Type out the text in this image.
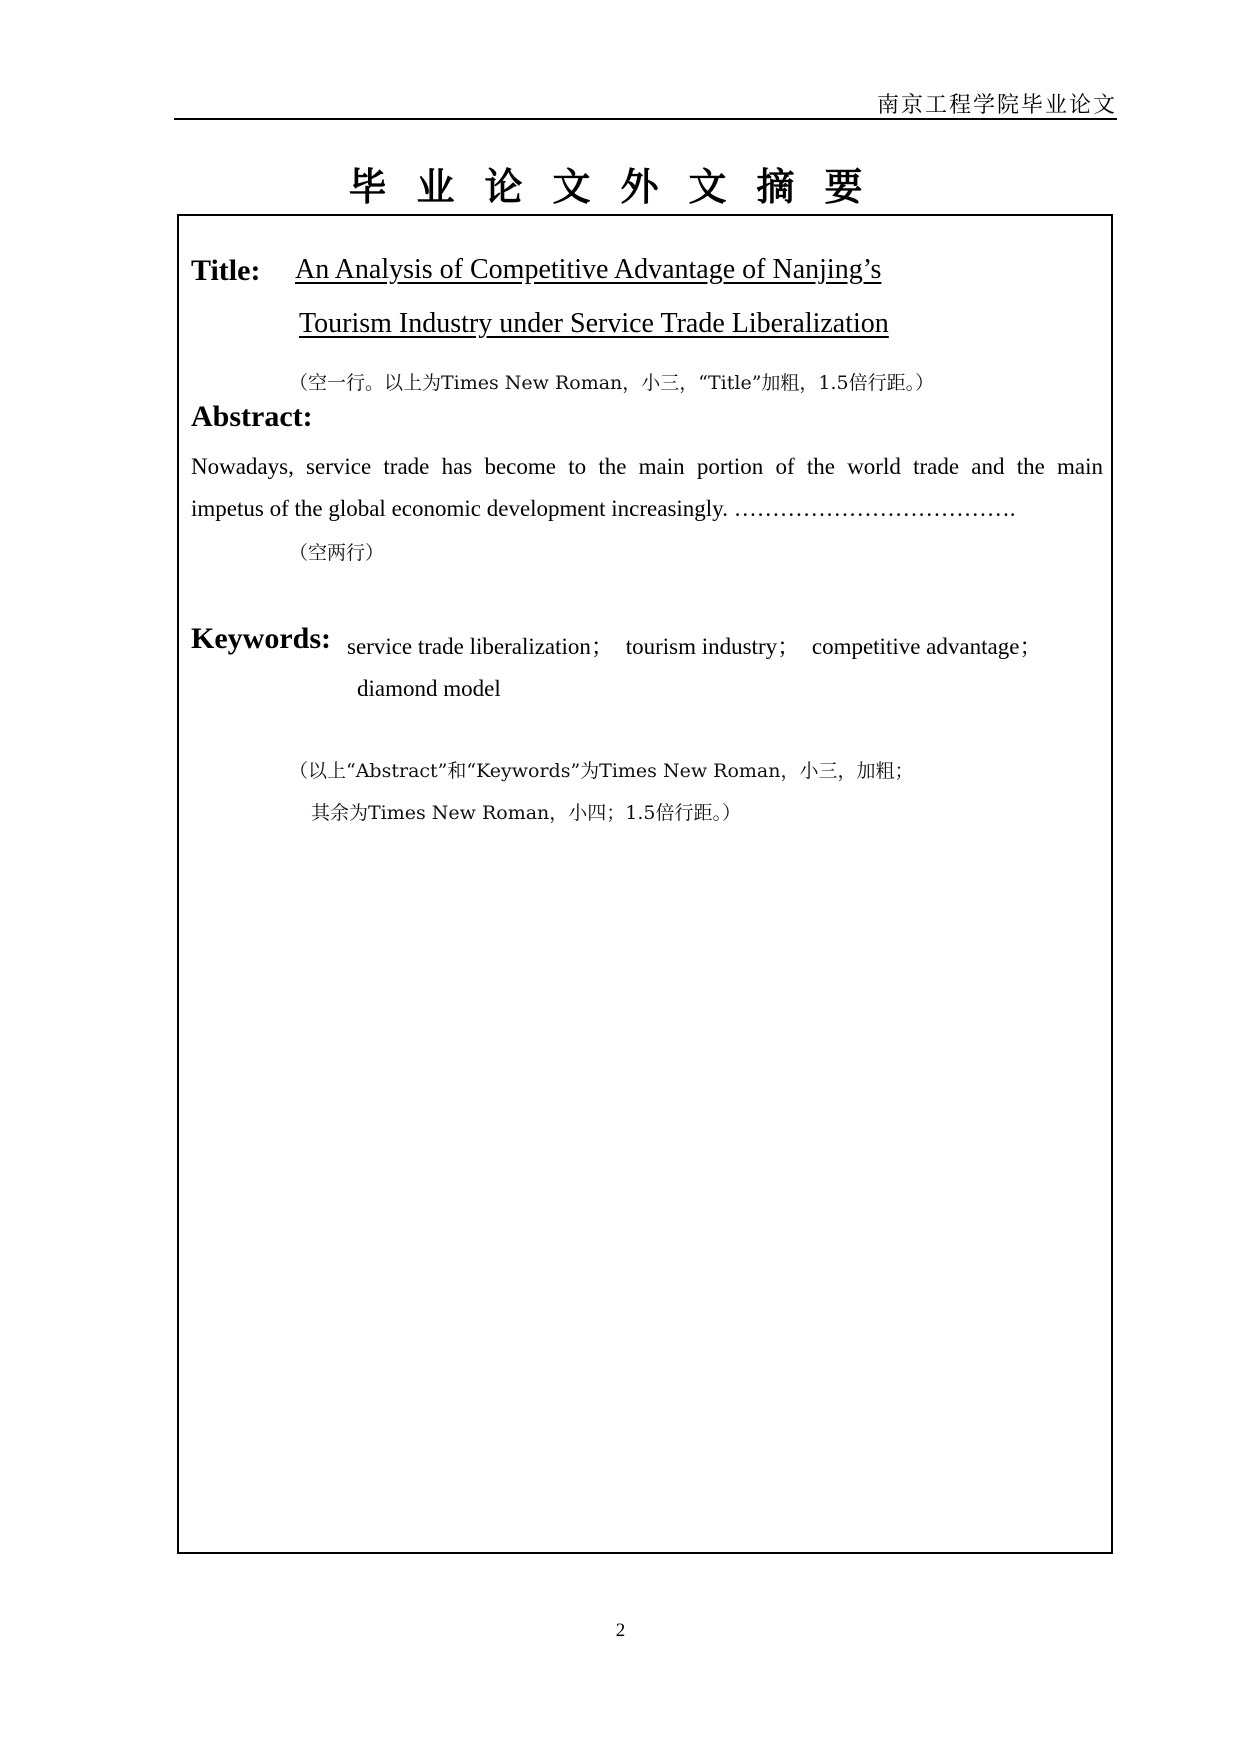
南京工程学院毕业论文
毕业论文外文摘要
Title: An Analysis of Competitive Advantage of Nanjing’s
Tourism Industry under Service Trade Liberalization
（空一行。以上为Times New Roman，小三，“Title”加粗，1.5倍行距。）
Abstract:
Nowadays, service trade has become to the main portion of the world trade and the main
impetus of the global economic development increasingly. ……………………………….
（空两行）
Keywords: service trade liberalization； tourism industry； competitive advantage；
diamond model
（以上“Abstract”和“Keywords”为Times New Roman，小三，加粗；
其余为Times New Roman，小四；1.5倍行距。）
2
